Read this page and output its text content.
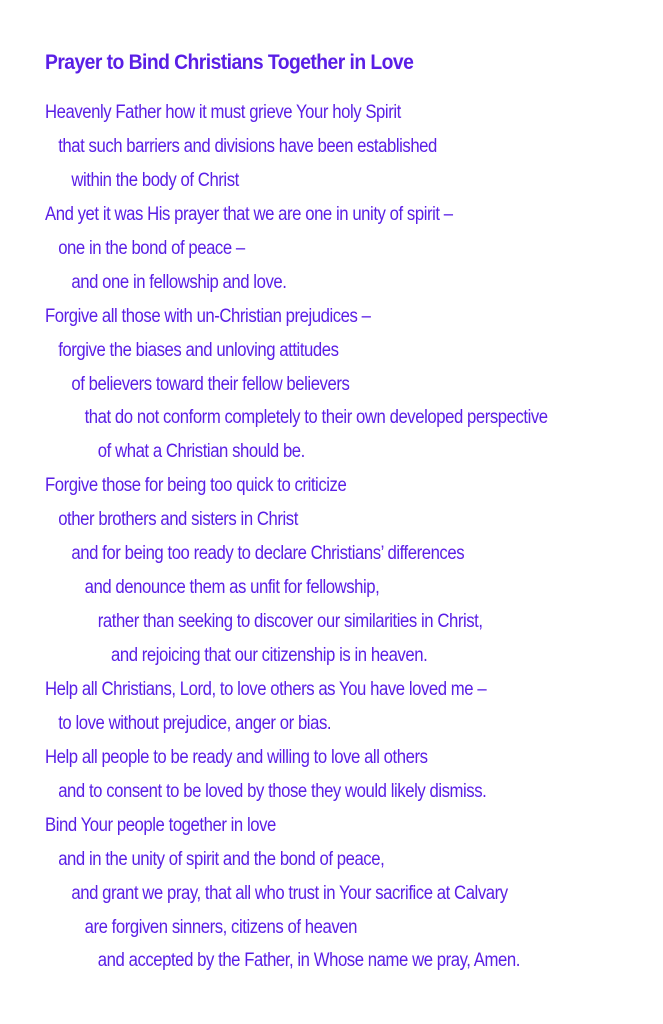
Prayer to Bind Christians Together in Love
Heavenly Father how it must grieve Your holy Spirit
that such barriers and divisions have been established
within the body of Christ
And yet it was His prayer that we are one in unity of spirit –
one in the bond of peace –
and one in fellowship and love.
Forgive all those with un-Christian prejudices –
forgive the biases and unloving attitudes
of believers toward their fellow believers
that do not conform completely to their own developed perspective
of what a Christian should be.
Forgive those for being too quick to criticize
other brothers and sisters in Christ
and for being too ready to declare Christians’ differences
and denounce them as unfit for fellowship,
rather than seeking to discover our similarities in Christ,
and rejoicing that our citizenship is in heaven.
Help all Christians, Lord, to love others as You have loved me –
to love without prejudice, anger or bias.
Help all people to be ready and willing to love all others
and to consent to be loved by those they would likely dismiss.
Bind Your people together in love
and in the unity of spirit and the bond of peace,
and grant we pray, that all who trust in Your sacrifice at Calvary
are forgiven sinners, citizens of heaven
and accepted by the Father, in Whose name we pray, Amen.
